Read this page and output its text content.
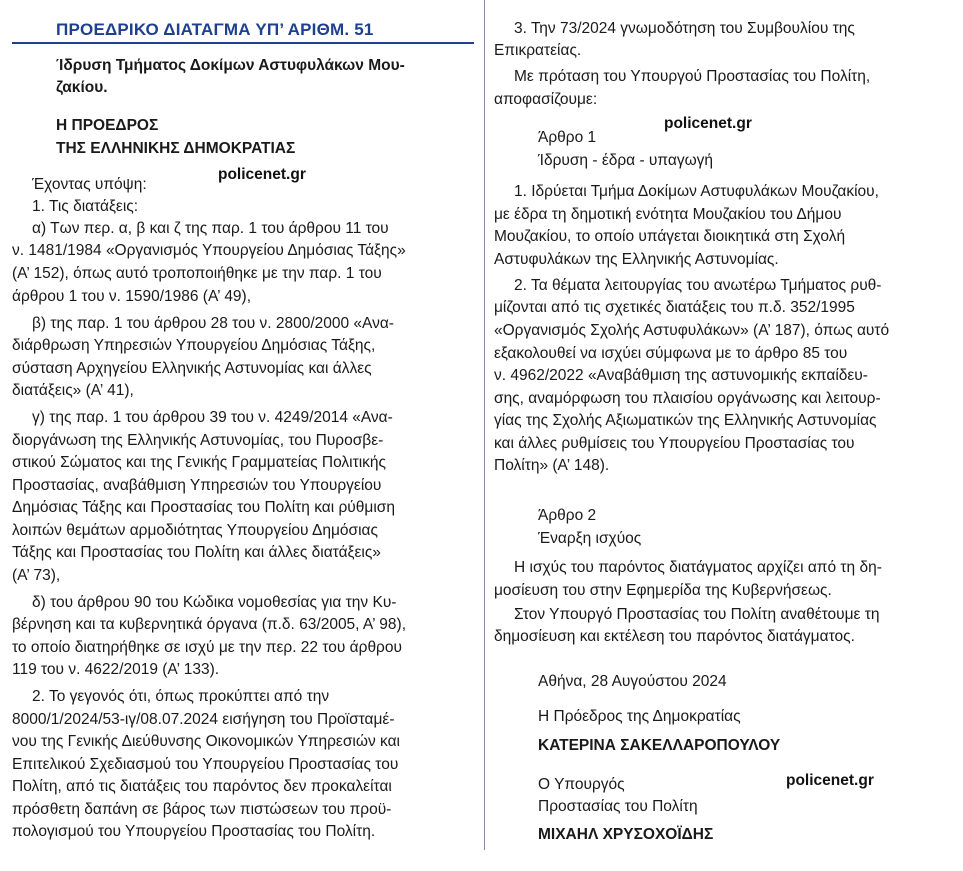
ΠΡΟΕΔΡΙΚΟ ΔΙΑΤΑΓΜΑ ΥΠ’ ΑΡΙΘΜ. 51
Ίδρυση Τμήματος Δοκίμων Αστυφυλάκων Μου-
ζακίου.
Η ΠΡΟΕΔΡΟΣ
ΤΗΣ ΕΛΛΗΝΙΚΗΣ ΔΗΜΟΚΡΑΤΙΑΣ
Έχοντας υπόψη:
policenet.gr
1. Τις διατάξεις:
α) Των περ. α, β και ζ της παρ. 1 του άρθρου 11 του
ν. 1481/1984 «Οργανισμός Υπουργείου Δημόσιας Τάξης»
(Α’ 152), όπως αυτό τροποποιήθηκε με την παρ. 1 του
άρθρου 1 του ν. 1590/1986 (Α’ 49),
β) της παρ. 1 του άρθρου 28 του ν. 2800/2000 «Ανα-
διάρθρωση Υπηρεσιών Υπουργείου Δημόσιας Τάξης,
σύσταση Αρχηγείου Ελληνικής Αστυνομίας και άλλες
διατάξεις» (Α’ 41),
γ) της παρ. 1 του άρθρου 39 του ν. 4249/2014 «Ανα-
διοργάνωση της Ελληνικής Αστυνομίας, του Πυροσβε-
στικού Σώματος και της Γενικής Γραμματείας Πολιτικής
Προστασίας, αναβάθμιση Υπηρεσιών του Υπουργείου
Δημόσιας Τάξης και Προστασίας του Πολίτη και ρύθμιση
λοιπών θεμάτων αρμοδιότητας Υπουργείου Δημόσιας
Τάξης και Προστασίας του Πολίτη και άλλες διατάξεις»
(Α’ 73),
δ) του άρθρου 90 του Κώδικα νομοθεσίας για την Κυ-
βέρνηση και τα κυβερνητικά όργανα (π.δ. 63/2005, Α’ 98),
το οποίο διατηρήθηκε σε ισχύ με την περ. 22 του άρθρου
119 του ν. 4622/2019 (Α’ 133).
2. Το γεγονός ότι, όπως προκύπτει από την
8000/1/2024/53-ιγ/08.07.2024 εισήγηση του Προϊσταμέ-
νου της Γενικής Διεύθυνσης Οικονομικών Υπηρεσιών και
Επιτελικού Σχεδιασμού του Υπουργείου Προστασίας του
Πολίτη, από τις διατάξεις του παρόντος δεν προκαλείται
πρόσθετη δαπάνη σε βάρος των πιστώσεων του προϋ-
πολογισμού του Υπουργείου Προστασίας του Πολίτη.
3. Την 73/2024 γνωμοδότηση του Συμβουλίου της
Επικρατείας.
Με πρόταση του Υπουργού Προστασίας του Πολίτη,
αποφασίζουμε:
Άρθρο 1
policenet.gr
Ίδρυση - έδρα - υπαγωγή
1. Ιδρύεται Τμήμα Δοκίμων Αστυφυλάκων Μουζακίου,
με έδρα τη δημοτική ενότητα Μουζακίου του Δήμου
Μουζακίου, το οποίο υπάγεται διοικητικά στη Σχολή
Αστυφυλάκων της Ελληνικής Αστυνομίας.
2. Τα θέματα λειτουργίας του ανωτέρω Τμήματος ρυθ-
μίζονται από τις σχετικές διατάξεις του π.δ. 352/1995
«Οργανισμός Σχολής Αστυφυλάκων» (Α’ 187), όπως αυτό
εξακολουθεί να ισχύει σύμφωνα με το άρθρο 85 του
ν. 4962/2022 «Αναβάθμιση της αστυνομικής εκπαίδευ-
σης, αναμόρφωση του πλαισίου οργάνωσης και λειτουρ-
γίας της Σχολής Αξιωματικών της Ελληνικής Αστυνομίας
και άλλες ρυθμίσεις του Υπουργείου Προστασίας του
Πολίτη» (Α’ 148).
Άρθρο 2
Έναρξη ισχύος
Η ισχύς του παρόντος διατάγματος αρχίζει από τη δη-
μοσίευση του στην Εφημερίδα της Κυβερνήσεως.
Στον Υπουργό Προστασίας του Πολίτη αναθέτουμε τη
δημοσίευση και εκτέλεση του παρόντος διατάγματος.
Αθήνα, 28 Αυγούστου 2024
Η Πρόεδρος της Δημοκρατίας
ΚΑΤΕΡΙΝΑ ΣΑΚΕΛΛΑΡΟΠΟΥΛΟΥ
Ο Υπουργός	policenet.gr
Προστασίας του Πολίτη
ΜΙΧΑΗΛ ΧΡΥΣΟΧΟΪΔΗΣ
